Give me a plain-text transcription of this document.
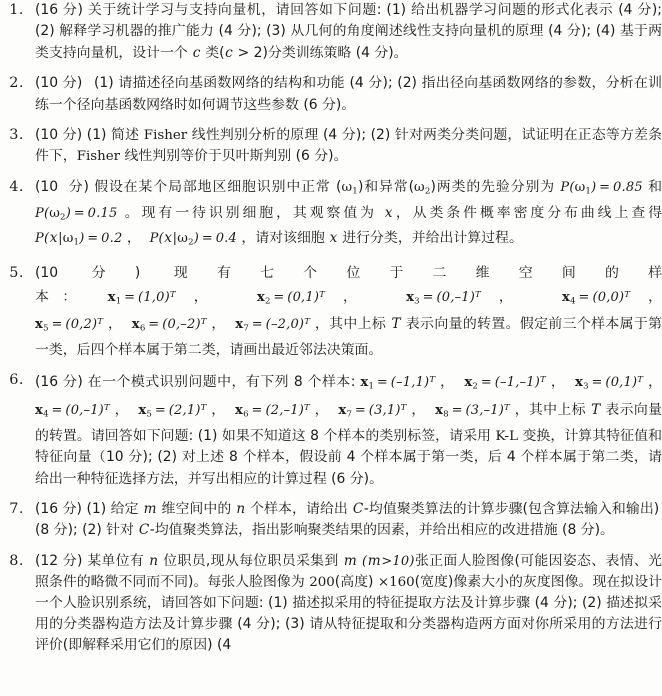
1. (16 分) 关于统计学习与支持向量机，请回答如下问题: (1) 给出机器学习问题的形式化表示 (4 分); (2) 解释学习机器的推广能力 (4 分); (3) 从几何的角度阐述线性支持向量机的原理 (4 分); (4) 基于两类支持向量机，设计一个 c 类(c > 2)分类训练策略 (4 分)。
2. (10 分)  (1) 请描述径向基函数网络的结构和功能 (4 分); (2) 指出径向基函数网络的参数，分析在训练一个径向基函数网络时如何调节这些参数 (6 分)。
3. (10 分) (1) 简述 Fisher 线性判别分析的原理 (4 分); (2) 针对两类分类问题，试证明在正态等方差条件下，Fisher 线性判别等价于贝叶斯判别 (6 分)。
4. (10  分) 假设在某个局部地区细胞识别中正常 $(\omega_1)$和异常$(\omega_2)$两类的先验分别为 $P(\omega_1) = 0.85$ 和 $P(\omega_2) = 0.15$ 。现有一待识别细胞，其观察值为 x，从类条件概率密度分布曲线上查得 $P(x|\omega_1) = 0.2$ ，  $P(x|\omega_2) = 0.4$ ，请对该细胞 x 进行分类，并给出计算过程。
5. (10 分) 现有七个位于二维空间的样本： $x_1 = (1,0)^T$ ，  $x_2 = (0,1)^T$ ，  $x_3 = (0,-1)^T$ ，  $x_4 = (0,0)^T$ ，$x_5 = (0,2)^T$ ，  $x_6 = (0,-2)^T$ ，  $x_7 = (-2,0)^T$ ，其中上标 T 表示向量的转置。假定前三个样本属于第一类，后四个样本属于第二类，请画出最近邻法决策面。
6. (16 分) 在一个模式识别问题中，有下列 8 个样本: $x_1 = (-1,1)^T$ ，  $x_2 = (-1,-1)^T$ ，  $x_3 = (0,1)^T$ ，$x_4 = (0,-1)^T$ ，  $x_5 = (2,1)^T$ ，  $x_6 = (2,-1)^T$ ，  $x_7 = (3,1)^T$ ，  $x_8 = (3,-1)^T$ ，其中上标 T 表示向量的转置。请回答如下问题: (1) 如果不知道这 8 个样本的类别标签，请采用 K-L 变换，计算其特征值和特征向量（10 分); (2) 对上述 8 个样本，假设前 4 个样本属于第一类，后 4 个样本属于第二类，请给出一种特征选择方法，并写出相应的计算过程 (6 分)。
7. (16 分) (1) 给定 m 维空间中的 n 个样本，请给出 C-均值聚类算法的计算步骤(包含算法输入和输出) (8 分); (2) 针对 C-均值聚类算法，指出影响聚类结果的因素，并给出相应的改进措施 (8 分)。
8. (12 分) 某单位有 n 位职员,现从每位职员采集到 m (m>10)张正面人脸图像(可能因姿态、表情、光照条件的略微不同而不同)。每张人脸图像为 200(高度) ×160(宽度)像素大小的灰度图像。现在拟设计一个人脸识别系统，请回答如下问题: (1) 描述拟采用的特征提取方法及计算步骤 (4 分); (2) 描述拟采用的分类器构造方法及计算步骤 (4 分); (3) 请从特征提取和分类器构造两方面对你所采用的方法进行评价(即解释采用它们的原因) (4
